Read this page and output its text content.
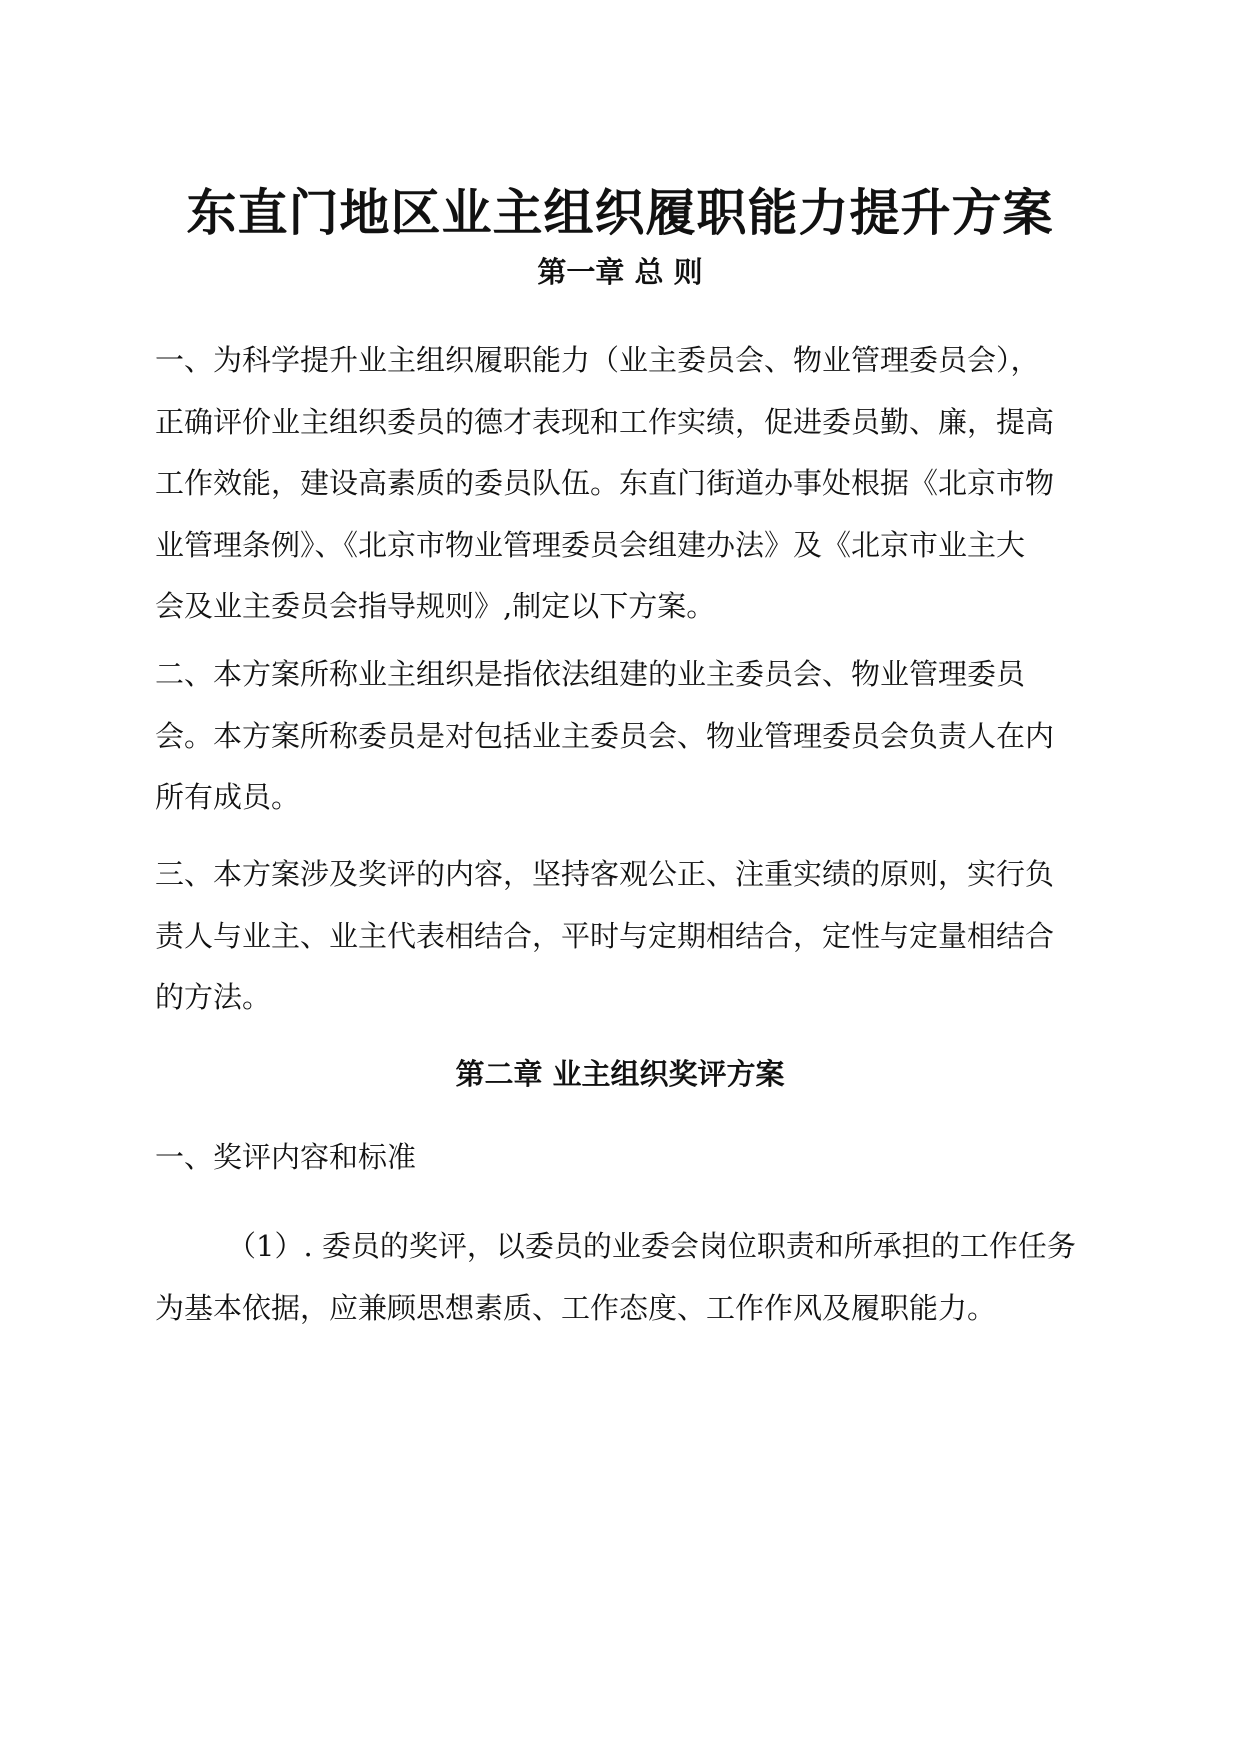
东直门地区业主组织履职能力提升方案
第一章 总 则
一、为科学提升业主组织履职能力（业主委员会、物业管理委员会），
正确评价业主组织委员的德才表现和工作实绩，促进委员勤、廉，提高
工作效能，建设高素质的委员队伍。东直门街道办事处根据《北京市物
业管理条例》、《北京市物业管理委员会组建办法》及《北京市业主大
会及业主委员会指导规则》,制定以下方案。
二、本方案所称业主组织是指依法组建的业主委员会、物业管理委员
会。本方案所称委员是对包括业主委员会、物业管理委员会负责人在内
所有成员。
三、本方案涉及奖评的内容，坚持客观公正、注重实绩的原则，实行负
责人与业主、业主代表相结合，平时与定期相结合，定性与定量相结合
的方法。
第二章 业主组织奖评方案
一、奖评内容和标准
（1）. 委员的奖评，以委员的业委会岗位职责和所承担的工作任务
为基本依据，应兼顾思想素质、工作态度、工作作风及履职能力。
